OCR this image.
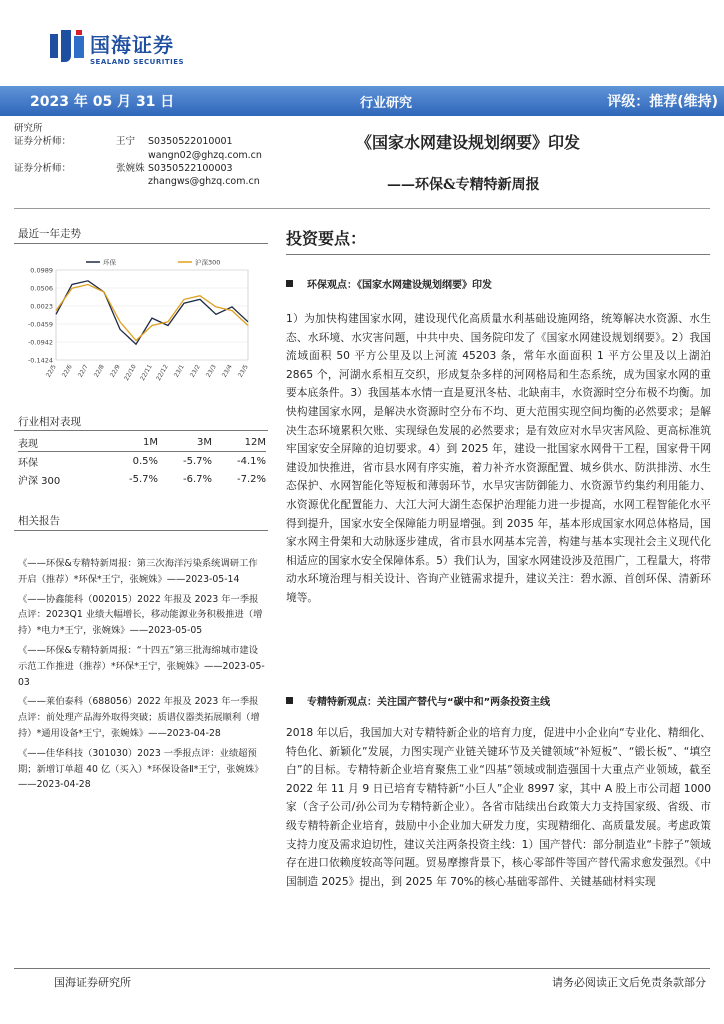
国海证券
SEALAND SECURITIES
2023 年 05 月 31 日	行业研究	评级：推荐(维持)
研究所
证券分析师：	王宁	S0350522010001
wangn02@ghzq.com.cn
证券分析师：	张婉姝 S0350522100003
zhangws@ghzq.com.cn
《国家水网建设规划纲要》印发
——环保&专精特新周报
最近一年走势
0.0989
0.0506
0.0023
-0.0459
-0.0942
-0.1424
22/5 22/6 22/7 22/8 22/9 22/10 22/11 22/12 23/1 23/2 23/3 23/4 23/5
环保	沪深300
行业相对表现
表现	1M	3M	12M
环保	0.5%	-5.7%	-4.1%
沪深 300	-5.7%	-6.7%	-7.2%
相关报告

《——环保&专精特新周报：第三次海洋污染系统调研工作开启（推荐）*环保*王宁，张婉姝》——2023-05-14

《——协鑫能科（002015）2022 年报及 2023 年一季报点评：2023Q1 业绩大幅增长，移动能源业务积极推进（增持）*电力*王宁，张婉姝》——2023-05-05

《——环保&专精特新周报：“十四五”第三批海绵城市建设示范工作推进（推荐）*环保*王宁，张婉姝》——2023-05-03

《——莱伯泰科（688056）2022 年报及 2023 年一季报点评：前处理产品海外取得突破；质谱仪器类拓展顺利（增持）*通用设备*王宁，张婉姝》——2023-04-28

《——佳华科技（301030）2023 一季报点评：业绩超预期；新增订单超 40 亿（买入）*环保设备Ⅱ*王宁，张婉姝》——2023-04-28

投资要点：
环保观点：《国家水网建设规划纲要》印发
1）为加快构建国家水网，建设现代化高质量水利基础设施网络，统筹解决水资源、水生态、水环境、水灾害问题，中共中央、国务院印发了《国家水网建设规划纲要》。2）我国流域面积 50 平方公里及以上河流 45203 条，常年水面面积 1 平方公里及以上湖泊 2865 个，河湖水系相互交织，形成复杂多样的河网格局和生态系统，成为国家水网的重要本底条件。3）我国基本水情一直是夏汛冬枯、北缺南丰，水资源时空分布极不均衡。加快构建国家水网，是解决水资源时空分布不均、更大范围实现空间均衡的必然要求；是解决生态环境累积欠账、实现绿色发展的必然要求；是有效应对水旱灾害风险、更高标准筑牢国家安全屏障的迫切要求。4）到 2025 年，建设一批国家水网骨干工程，国家骨干网建设加快推进，省市县水网有序实施，着力补齐水资源配置、城乡供水、防洪排涝、水生态保护、水网智能化等短板和薄弱环节，水旱灾害防御能力、水资源节约集约利用能力、水资源优化配置能力、大江大河大湖生态保护治理能力进一步提高，水网工程智能化水平得到提升，国家水安全保障能力明显增强。到 2035 年，基本形成国家水网总体格局，国家水网主骨架和大动脉逐步建成，省市县水网基本完善，构建与基本实现社会主义现代化相适应的国家水安全保障体系。5）我们认为，国家水网建设涉及范围广，工程量大，将带动水环境治理与相关设计、咨询产业链需求提升，建议关注：碧水源、首创环保、清新环境等。
专精特新观点：关注国产替代与“碳中和”两条投资主线
2018 年以后，我国加大对专精特新企业的培育力度，促进中小企业向“专业化、精细化、特色化、新颖化”发展，力图实现产业链关键环节及关键领域“补短板”、“锻长板”、“填空白”的目标。专精特新企业培育聚焦工业“四基”领域或制造强国十大重点产业领域，截至 2022 年 11 月 9 日已培育专精特新“小巨人”企业 8997 家，其中 A 股上市公司超 1000 家（含子公司/孙公司为专精特新企业）。各省市陆续出台政策大力支持国家级、省级、市级专精特新企业培育，鼓励中小企业加大研发力度，实现精细化、高质量发展。考虑政策支持力度及需求迫切性，建议关注两条投资主线：1）国产替代：部分制造业“卡脖子”领域存在进口依赖度较高等问题。贸易摩擦背景下，核心零部件等国产替代需求愈发强烈。《中国制造 2025》提出，到 2025 年 70%的核心基础零部件、关键基础材料实现
国海证券研究所	请务必阅读正文后免责条款部分
